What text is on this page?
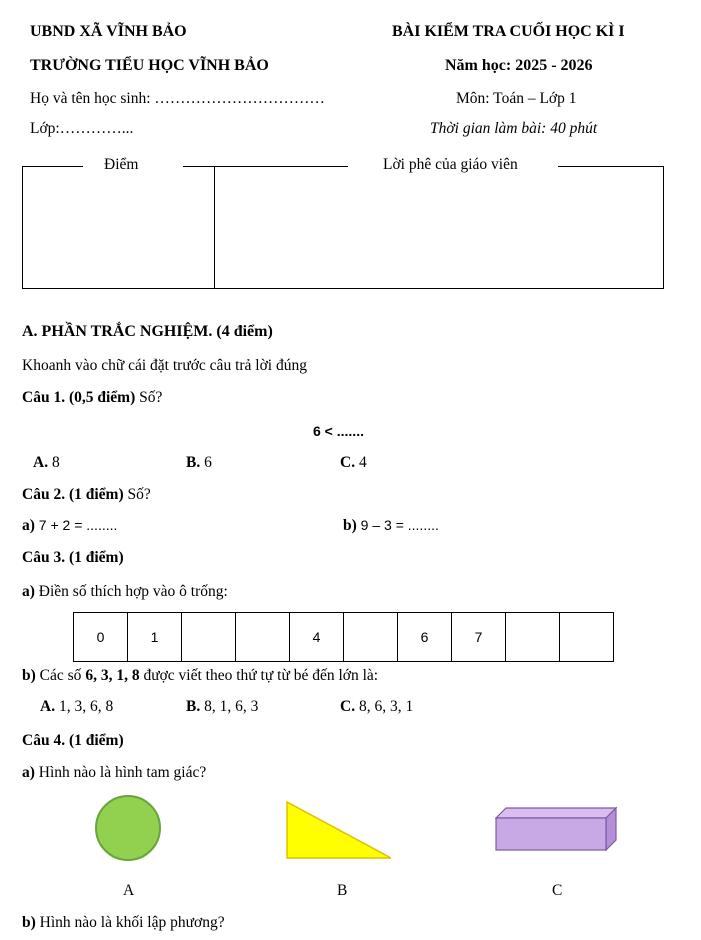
UBND XÃ VĨNH BẢO	BÀI KIỂM TRA CUỐI HỌC KÌ I
TRƯỜNG TIỂU HỌC VĨNH BẢO	Năm học: 2025 - 2026
Họ và tên học sinh: ……………………………	Môn: Toán – Lớp 1
Lớp:…………...	Thời gian làm bài: 40 phút
Điểm	Lời phê của giáo viên
A. PHẦN TRẮC NGHIỆM. (4 điểm)
Khoanh vào chữ cái đặt trước câu trả lời đúng
Câu 1. (0,5 điểm) Số?
6 < .......
A. 8	B. 6	C. 4
Câu 2. (1 điểm) Số?
a) 7 + 2 = ........	b) 9 – 3 = ........
Câu 3. (1 điểm)
a) Điền số thích hợp vào ô trống:
0	1			4		6	7		
b) Các số 6, 3, 1, 8 được viết theo thứ tự từ bé đến lớn là:
A. 1, 3, 6, 8	B. 8, 1, 6, 3	C. 8, 6, 3, 1
Câu 4. (1 điểm)
a) Hình nào là hình tam giác?
A	B	C
b) Hình nào là khối lập phương?
